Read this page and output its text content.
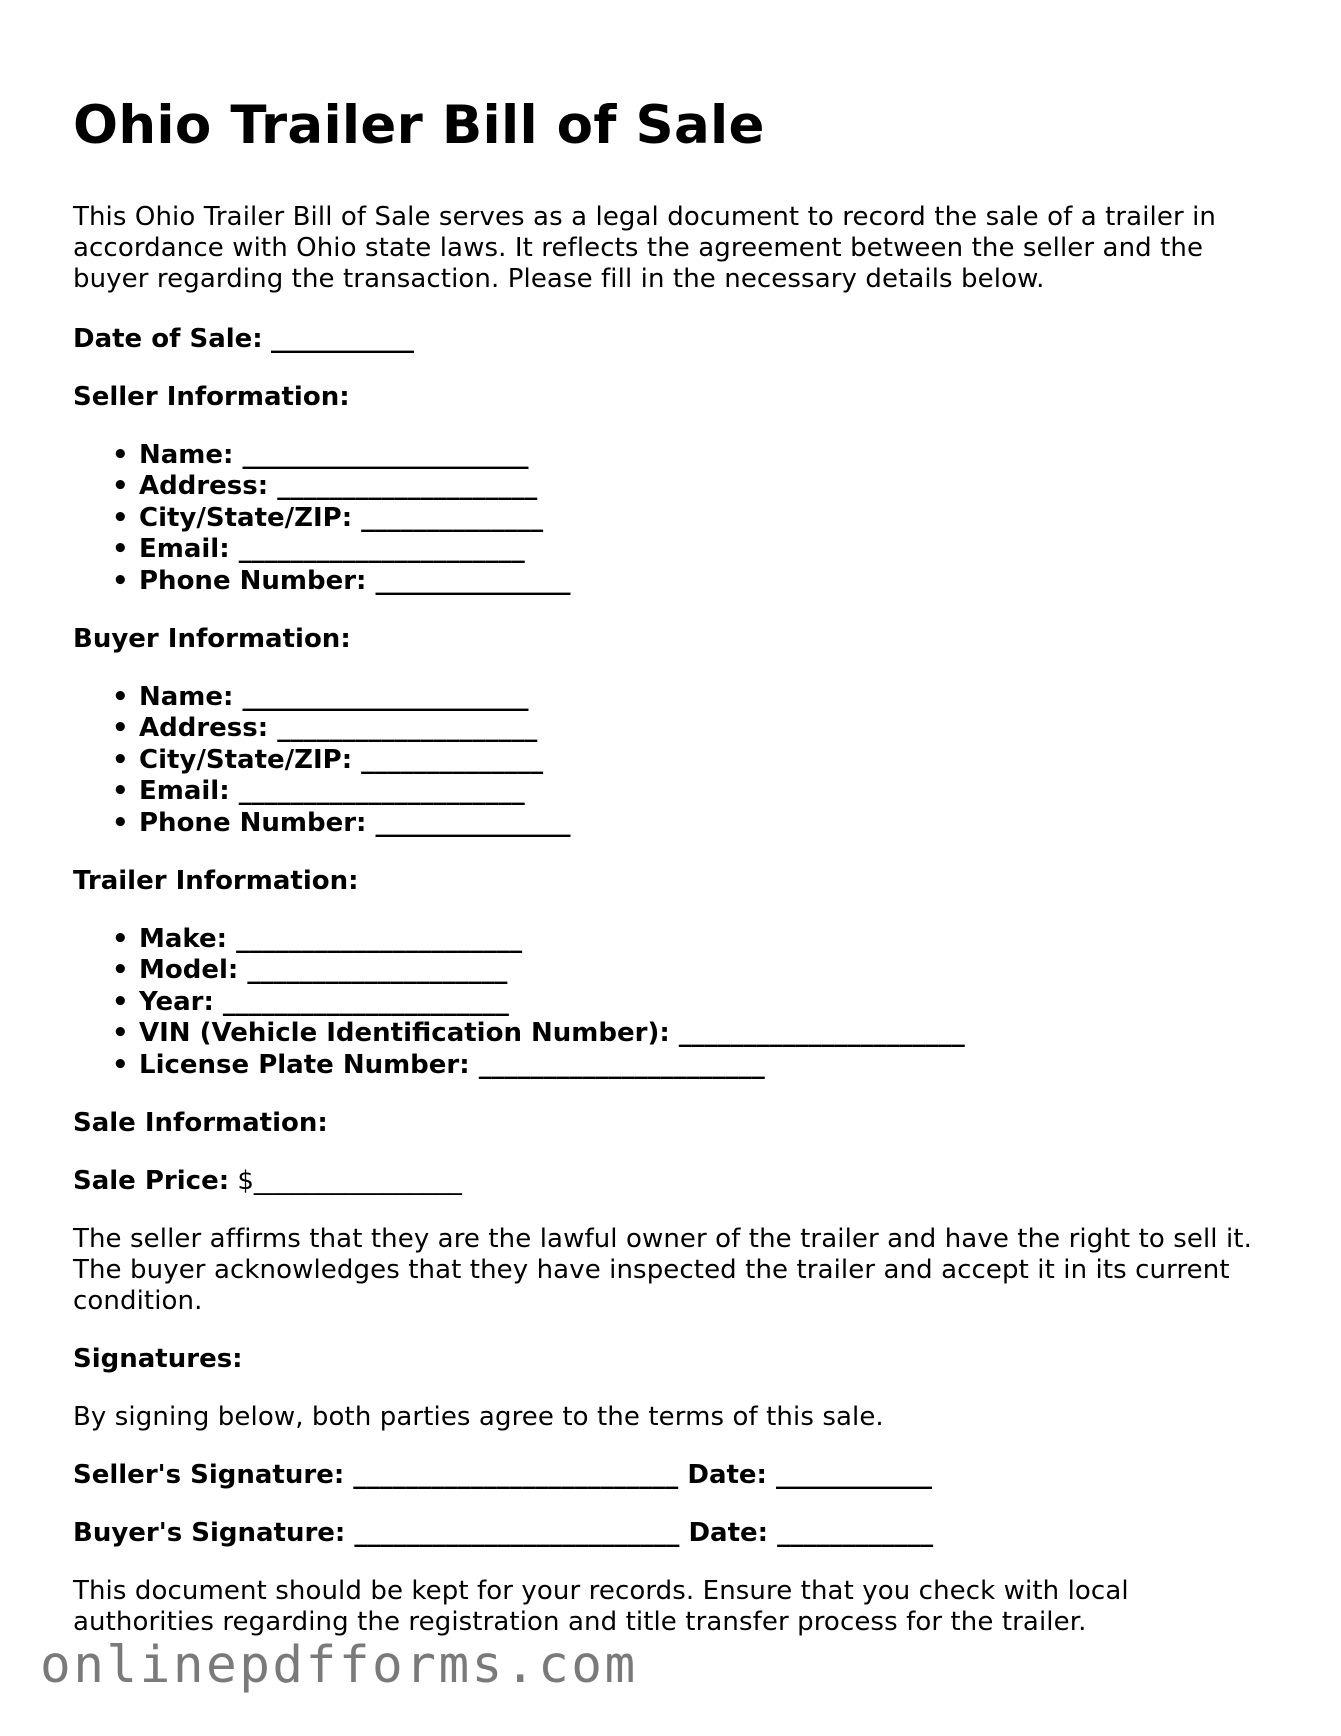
Ohio Trailer Bill of Sale

This Ohio Trailer Bill of Sale serves as a legal document to record the sale of a trailer in accordance with Ohio state laws. It reflects the agreement between the seller and the buyer regarding the transaction. Please fill in the necessary details below.

Date of Sale: ___________
Seller Information:
• Name: ______________________
• Address: ____________________
• City/State/ZIP: ______________
• Email: ______________________
• Phone Number: _______________
Buyer Information:
• Name: ______________________
• Address: ____________________
• City/State/ZIP: ______________
• Email: ______________________
• Phone Number: _______________
Trailer Information:
• Make: ______________________
• Model: ____________________
• Year: ______________________
• VIN (Vehicle Identification Number): ______________________
• License Plate Number: ______________________
Sale Information:
Sale Price: $________________

The seller affirms that they are the lawful owner of the trailer and have the right to sell it. The buyer acknowledges that they have inspected the trailer and accept it in its current condition.

Signatures:

By signing below, both parties agree to the terms of this sale.

Seller's Signature: _________________________ Date: ____________
Buyer's Signature: _________________________ Date: ____________

This document should be kept for your records. Ensure that you check with local authorities regarding the registration and title transfer process for the trailer.

onlinepdfforms.com
